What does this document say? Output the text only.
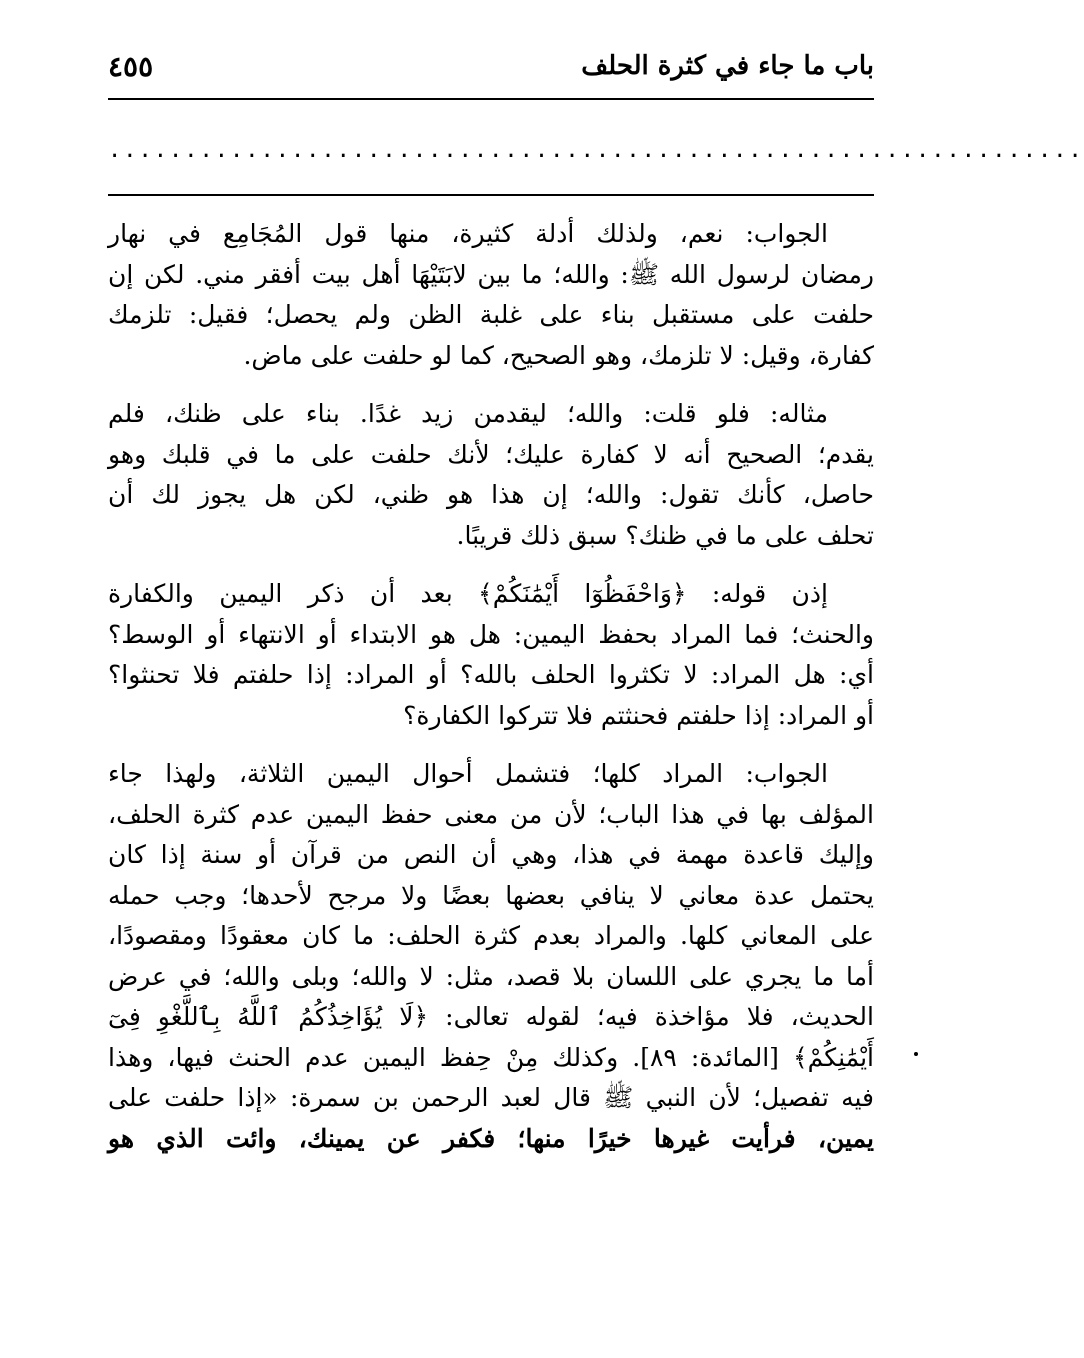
باب ما جاء في كثرة الحلف
٤٥٥
................................................................
الجواب: نعم، ولذلك أدلة كثيرة، منها قول المُجَامِع في نهار
رمضان لرسول الله ﷺ: والله؛ ما بين لابَتَيْهَا أهل بيت أفقر مني. لكن إن
حلفت على مستقبل بناء على غلبة الظن ولم يحصل؛ فقيل: تلزمك
كفارة، وقيل: لا تلزمك، وهو الصحيح، كما لو حلفت على ماض.
مثاله: فلو قلت: والله؛ ليقدمن زيد غدًا. بناء على ظنك، فلم
يقدم؛ الصحيح أنه لا كفارة عليك؛ لأنك حلفت على ما في قلبك وهو
حاصل، كأنك تقول: والله؛ إن هذا هو ظني، لكن هل يجوز لك أن
تحلف على ما في ظنك؟ سبق ذلك قريبًا.
إذن قوله: ﴿وَاحْفَظُوٓا أَيْمَٰنَكُمْ﴾ بعد أن ذكر اليمين والكفارة
والحنث؛ فما المراد بحفظ اليمين: هل هو الابتداء أو الانتهاء أو الوسط؟
أي: هل المراد: لا تكثروا الحلف بالله؟ أو المراد: إذا حلفتم فلا تحنثوا؟
أو المراد: إذا حلفتم فحنثتم فلا تتركوا الكفارة؟
الجواب: المراد كلها؛ فتشمل أحوال اليمين الثلاثة، ولهذا جاء
المؤلف بها في هذا الباب؛ لأن من معنى حفظ اليمين عدم كثرة الحلف،
وإليك قاعدة مهمة في هذا، وهي أن النص من قرآن أو سنة إذا كان
يحتمل عدة معاني لا ينافي بعضها بعضًا ولا مرجح لأحدها؛ وجب حمله
على المعاني كلها. والمراد بعدم كثرة الحلف: ما كان معقودًا ومقصودًا،
أما ما يجري على اللسان بلا قصد، مثل: لا والله؛ وبلى والله؛ في عرض
الحديث، فلا مؤاخذة فيه؛ لقوله تعالى: ﴿لَا يُؤَاخِذُكُمُ ٱللَّهُ بِٱللَّغْوِ فِىٓ
أَيْمَٰنِكُمْ﴾ [المائدة: ٨٩]. وكذلك مِنْ حِفظ اليمين عدم الحنث فيها، وهذا
فيه تفصيل؛ لأن النبي ﷺ قال لعبد الرحمن بن سمرة: «إذا حلفت على
يمين، فرأيت غيرها خيرًا منها؛ فكفر عن يمينك، وائت الذي هو
